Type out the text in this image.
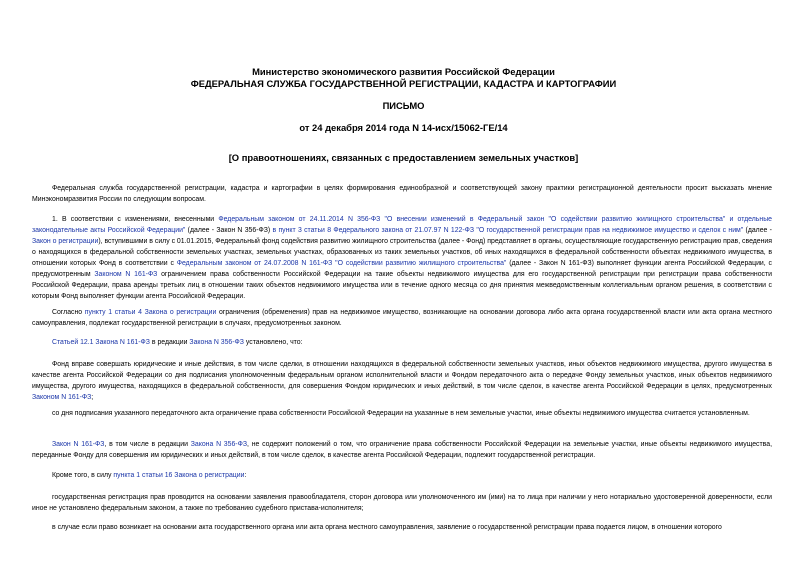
Министерство экономического развития Российской Федерации
ФЕДЕРАЛЬНАЯ СЛУЖБА ГОСУДАРСТВЕННОЙ РЕГИСТРАЦИИ, КАДАСТРА И КАРТОГРАФИИ
ПИСЬМО
от 24 декабря 2014 года N 14-исх/15062-ГЕ/14
[О правоотношениях, связанных с предоставлением земельных участков]

Федеральная служба государственной регистрации, кадастра и картографии в целях формирования единообразной и соответствующей закону практики регистрационной деятельности просит высказать мнение Минэкономразвития России по следующим вопросам.

1. В соответствии с изменениями, внесенными Федеральным законом от 24.11.2014 N 356-ФЗ "О внесении изменений в Федеральный закон "О содействии развитию жилищного строительства" и отдельные законодательные акты Российской Федерации" (далее - Закон N 356-ФЗ) в пункт 3 статьи 8 Федерального закона от 21.07.97 N 122-ФЗ "О государственной регистрации прав на недвижимое имущество и сделок с ним" (далее - Закон о регистрации), вступившими в силу с 01.01.2015, Федеральный фонд содействия развитию жилищного строительства (далее - Фонд) представляет в органы, осуществляющие государственную регистрацию прав, сведения о находящихся в федеральной собственности земельных участках, земельных участках, образованных из таких земельных участков, об иных находящихся в федеральной собственности объектах недвижимого имущества, в отношении которых Фонд в соответствии с Федеральным законом от 24.07.2008 N 161-ФЗ "О содействии развитию жилищного строительства" (далее - Закон N 161-ФЗ) выполняет функции агента Российской Федерации, с предусмотренным Законом N 161-ФЗ ограничением права собственности Российской Федерации на такие объекты недвижимого имущества для его государственной регистрации при регистрации права собственности Российской Федерации, права аренды третьих лиц в отношении таких объектов недвижимого имущества или в течение одного месяца со дня принятия межведомственным коллегиальным органом решения, в соответствии с которым Фонд выполняет функции агента Российской Федерации.

Согласно пункту 1 статьи 4 Закона о регистрации ограничения (обременения) прав на недвижимое имущество, возникающие на основании договора либо акта органа государственной власти или акта органа местного самоуправления, подлежат государственной регистрации в случаях, предусмотренных законом.

Статьей 12.1 Закона N 161-ФЗ в редакции Закона N 356-ФЗ установлено, что:

Фонд вправе совершать юридические и иные действия, в том числе сделки, в отношении находящихся в федеральной собственности земельных участков, иных объектов недвижимого имущества, другого имущества в качестве агента Российской Федерации со дня подписания уполномоченным федеральным органом исполнительной власти и Фондом передаточного акта о передаче Фонду земельных участков, иных объектов недвижимого имущества, другого имущества, находящихся в федеральной собственности, для совершения Фондом юридических и иных действий, в том числе сделок, в качестве агента Российской Федерации в целях, предусмотренных Законом N 161-ФЗ;

со дня подписания указанного передаточного акта ограничение права собственности Российской Федерации на указанные в нем земельные участки, иные объекты недвижимого имущества считается установленным.

Закон N 161-ФЗ, в том числе в редакции Закона N 356-ФЗ, не содержит положений о том, что ограничение права собственности Российской Федерации на земельные участки, иные объекты недвижимого имущества, переданные Фонду для совершения им юридических и иных действий, в том числе сделок, в качестве агента Российской Федерации, подлежит государственной регистрации.

Кроме того, в силу пункта 1 статьи 16 Закона о регистрации:

государственная регистрация прав проводится на основании заявления правообладателя, сторон договора или уполномоченного им (ими) на то лица при наличии у него нотариально удостоверенной доверенности, если иное не установлено федеральным законом, а также по требованию судебного пристава-исполнителя;

в случае если право возникает на основании акта государственного органа или акта органа местного самоуправления, заявление о государственной регистрации права подается лицом, в отношении которого
